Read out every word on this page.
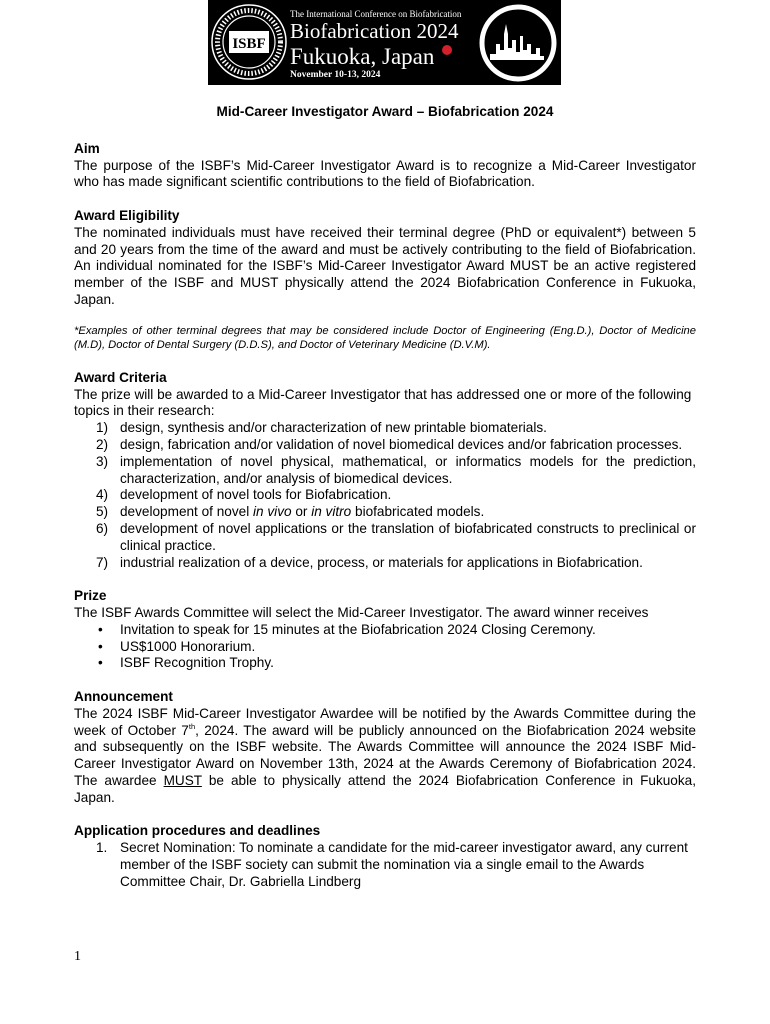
ISBF
The International Conference on Biofabrication
Biofabrication 2024
Fukuoka, Japan
November 10-13, 2024

Mid-Career Investigator Award – Biofabrication 2024

Aim

The purpose of the ISBF’s Mid-Career Investigator Award is to recognize a Mid-Career Investigator who has made significant scientific contributions to the field of Biofabrication.

Award Eligibility

The nominated individuals must have received their terminal degree (PhD or equivalent*) between 5 and 20 years from the time of the award and must be actively contributing to the field of Biofabrication. An individual nominated for the ISBF’s Mid-Career Investigator Award MUST be an active registered member of the ISBF and MUST physically attend the 2024 Biofabrication Conference in Fukuoka, Japan.

*Examples of other terminal degrees that may be considered include Doctor of Engineering (Eng.D.), Doctor of Medicine (M.D), Doctor of Dental Surgery (D.D.S), and Doctor of Veterinary Medicine (D.V.M).

Award Criteria

The prize will be awarded to a Mid-Career Investigator that has addressed one or more of the following topics in their research:

1) design, synthesis and/or characterization of new printable biomaterials.
2) design, fabrication and/or validation of novel biomedical devices and/or fabrication processes.
3) implementation of novel physical, mathematical, or informatics models for the prediction, characterization, and/or analysis of biomedical devices.
4) development of novel tools for Biofabrication.
5) development of novel in vivo or in vitro biofabricated models.
6) development of novel applications or the translation of biofabricated constructs to preclinical or clinical practice.
7) industrial realization of a device, process, or materials for applications in Biofabrication.

Prize

The ISBF Awards Committee will select the Mid-Career Investigator. The award winner receives

• Invitation to speak for 15 minutes at the Biofabrication 2024 Closing Ceremony.
• US$1000 Honorarium.
• ISBF Recognition Trophy.

Announcement

The 2024 ISBF Mid-Career Investigator Awardee will be notified by the Awards Committee during the week of October 7th, 2024. The award will be publicly announced on the Biofabrication 2024 website and subsequently on the ISBF website. The Awards Committee will announce the 2024 ISBF Mid-Career Investigator Award on November 13th, 2024 at the Awards Ceremony of Biofabrication 2024. The awardee MUST be able to physically attend the 2024 Biofabrication Conference in Fukuoka, Japan.

Application procedures and deadlines

1. Secret Nomination: To nominate a candidate for the mid-career investigator award, any current member of the ISBF society can submit the nomination via a single email to the Awards Committee Chair, Dr. Gabriella Lindberg
1
